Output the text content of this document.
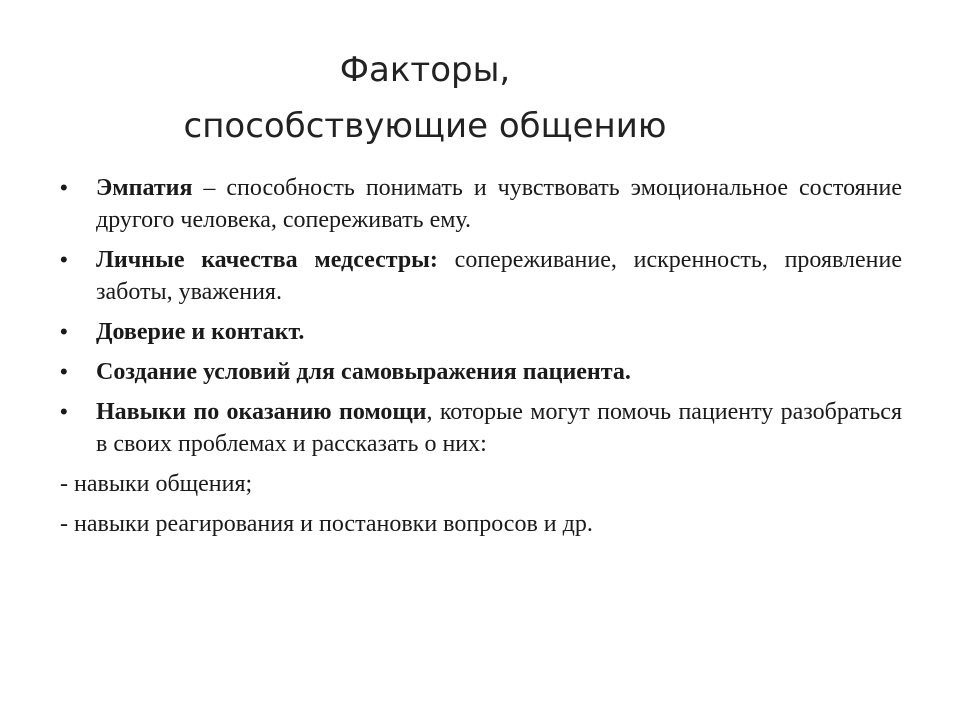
Факторы,
способствующие общению
• Эмпатия – способность понимать и чувствовать эмоциональное состояние другого человека, сопереживать ему.
• Личные качества медсестры: сопереживание, искренность, проявление заботы, уважения.
• Доверие и контакт.
• Создание условий для самовыражения пациента.
• Навыки по оказанию помощи, которые могут помочь пациенту разобраться в своих проблемах и рассказать о них:
- навыки общения;
- навыки реагирования и постановки вопросов и др.
